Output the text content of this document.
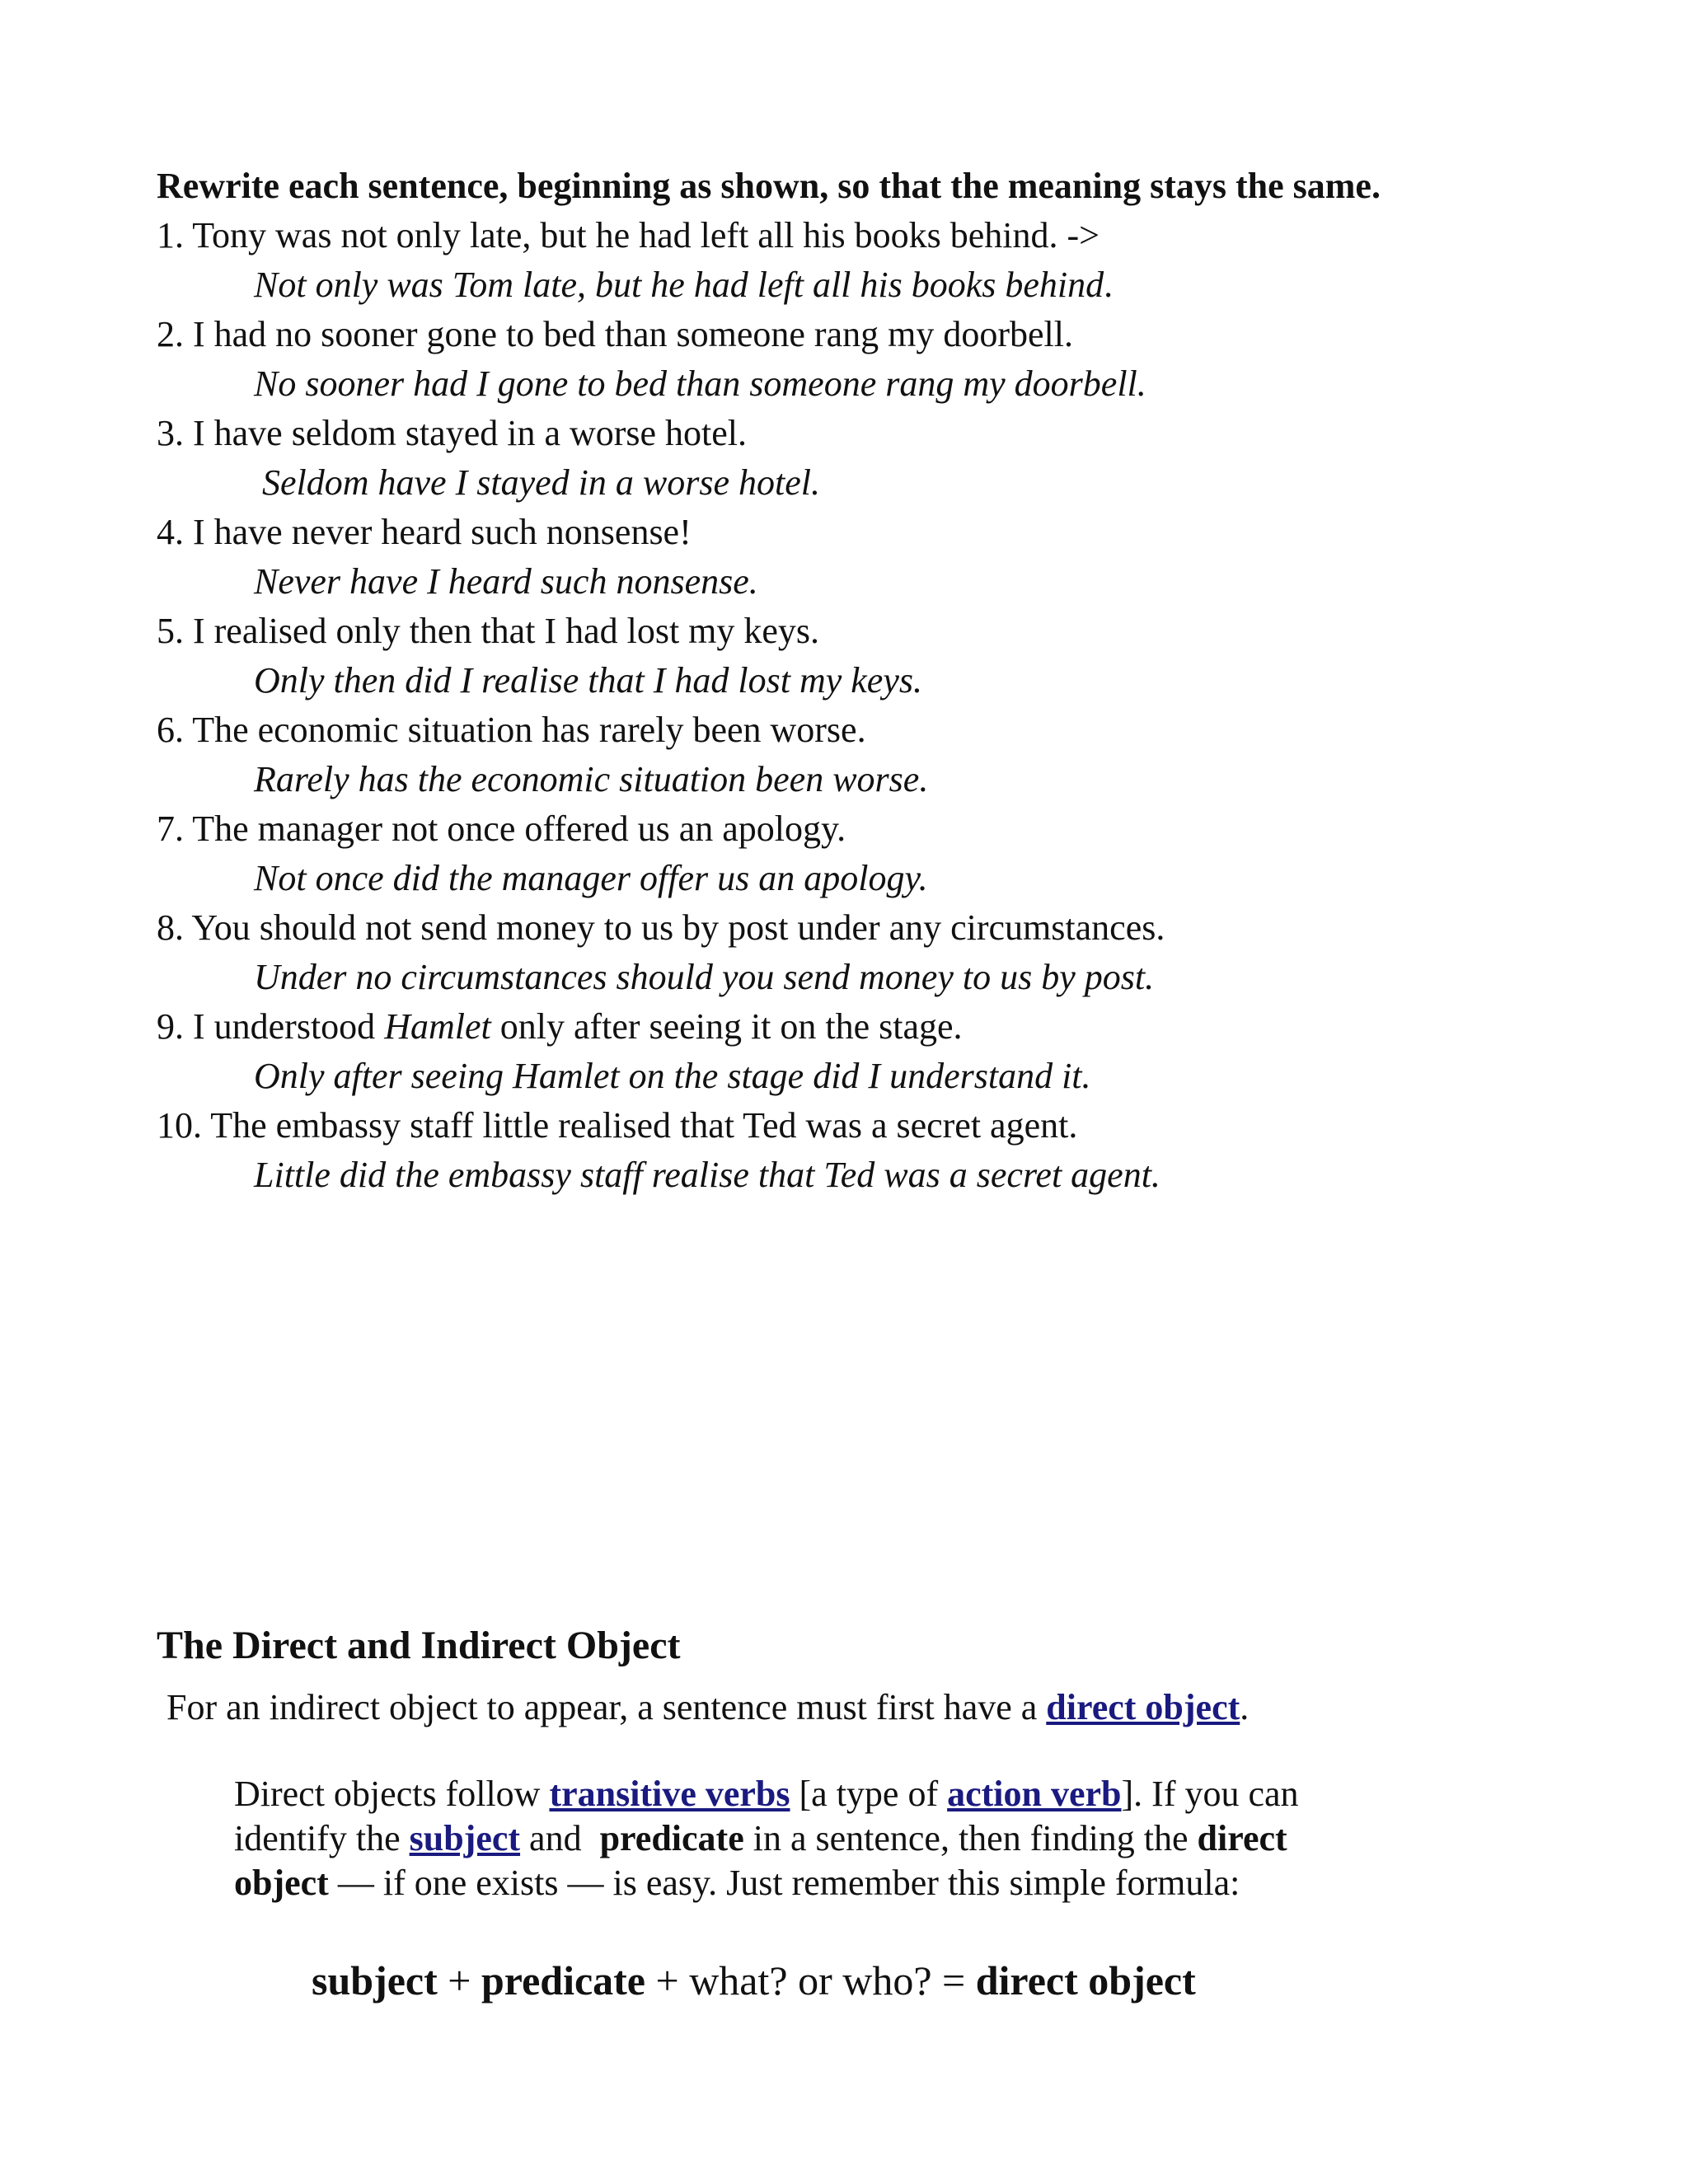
Rewrite each sentence, beginning as shown, so that the meaning stays the same.

1. Tony was not only late, but he had left all his books behind. ->

Not only was Tom late, but he had left all his books behind.

2. I had no sooner gone to bed than someone rang my doorbell.

No sooner had I gone to bed than someone rang my doorbell.

3. I have seldom stayed in a worse hotel.

Seldom have I stayed in a worse hotel.

4. I have never heard such nonsense!

Never have I heard such nonsense.

5. I realised only then that I had lost my keys.

Only then did I realise that I had lost my keys.

6. The economic situation has rarely been worse.

Rarely has the economic situation been worse.

7. The manager not once offered us an apology.

Not once did the manager offer us an apology.

8. You should not send money to us by post under any circumstances.

Under no circumstances should you send money to us by post.

9. I understood Hamlet only after seeing it on the stage.

Only after seeing Hamlet on the stage did I understand it.

10. The embassy staff little realised that Ted was a secret agent.

Little did the embassy staff realise that Ted was a secret agent.

The Direct and Indirect Object

For an indirect object to appear, a sentence must first have a direct object.

Direct objects follow transitive verbs [a type of action verb]. If you can
identify the subject and  predicate in a sentence, then finding the direct
object — if one exists — is easy. Just remember this simple formula:

subject + predicate + what? or who? = direct object
